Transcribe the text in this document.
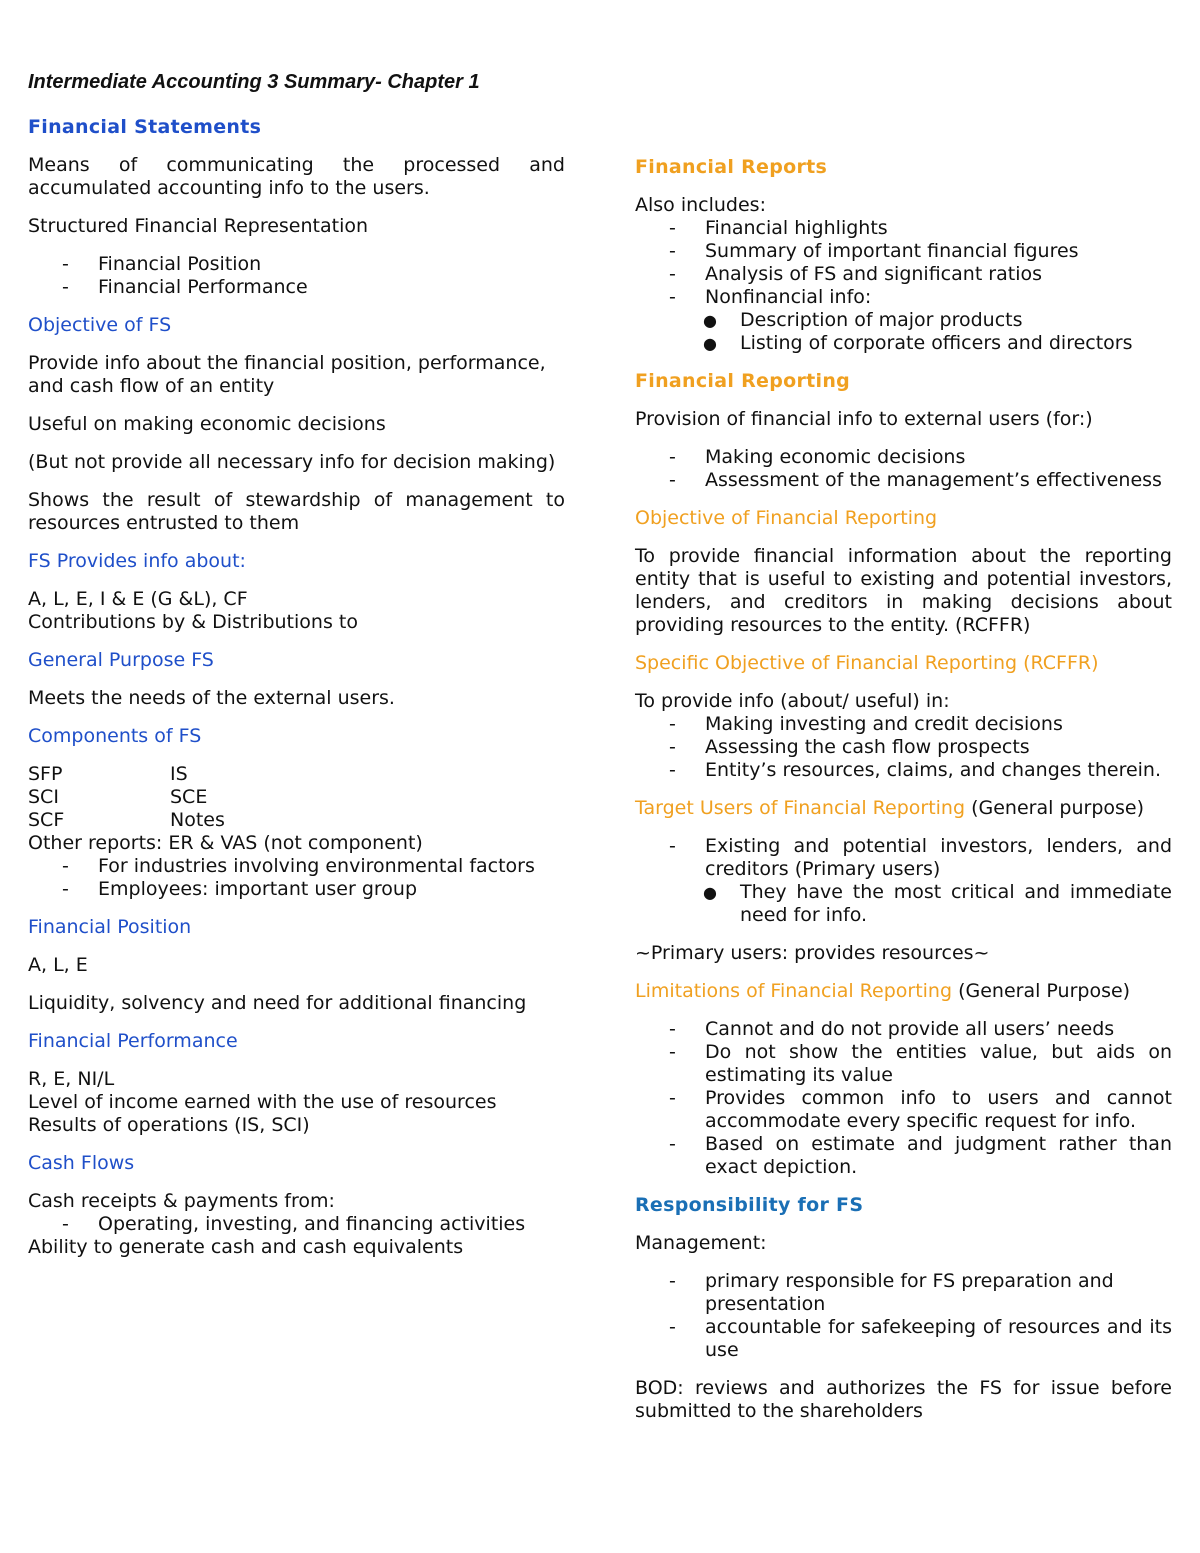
Intermediate Accounting 3 Summary- Chapter 1
Financial Statements

Means of communicating the processed and accumulated accounting info to the users.

Structured Financial Representation

- Financial Position
- Financial Performance
Objective of FS

Provide info about the financial position, performance, and cash flow of an entity

Useful on making economic decisions

(But not provide all necessary info for decision making)

Shows the result of stewardship of management to resources entrusted to them

FS Provides info about:

A, L, E, I & E (G &L), CF
Contributions by & Distributions to

General Purpose FS

Meets the needs of the external users.

Components of FS
SFP	IS
SCI	SCE
SCF	Notes
Other reports: ER & VAS (not component)
- For industries involving environmental factors
- Employees: important user group
Financial Position

A, L, E

Liquidity, solvency and need for additional financing

Financial Performance

R, E, NI/L
Level of income earned with the use of resources
Results of operations (IS, SCI)

Cash Flows
Cash receipts & payments from:
- Operating, investing, and financing activities
Ability to generate cash and cash equivalents
Financial Reports
Also includes:
- Financial highlights
- Summary of important financial figures
- Analysis of FS and significant ratios
- Nonfinancial info:
● Description of major products
● Listing of corporate officers and directors
Financial Reporting

Provision of financial info to external users (for:)

- Making economic decisions
- Assessment of the management’s effectiveness
Objective of Financial Reporting

To provide financial information about the reporting entity that is useful to existing and potential investors, lenders, and creditors in making decisions about providing resources to the entity. (RCFFR)

Specific Objective of Financial Reporting (RCFFR)
To provide info (about/ useful) in:
- Making investing and credit decisions
- Assessing the cash flow prospects
- Entity’s resources, claims, and changes therein.
Target Users of Financial Reporting (General purpose)
- Existing and potential investors, lenders, and creditors (Primary users)
● They have the most critical and immediate need for info.

~Primary users: provides resources~

Limitations of Financial Reporting (General Purpose)
- Cannot and do not provide all users’ needs
- Do not show the entities value, but aids on estimating its value
- Provides common info to users and cannot accommodate every specific request for info.
- Based on estimate and judgment rather than exact depiction.
Responsibility for FS

Management:

- primary responsible for FS preparation and presentation
- accountable for safekeeping of resources and its use

BOD: reviews and authorizes the FS for issue before submitted to the shareholders
